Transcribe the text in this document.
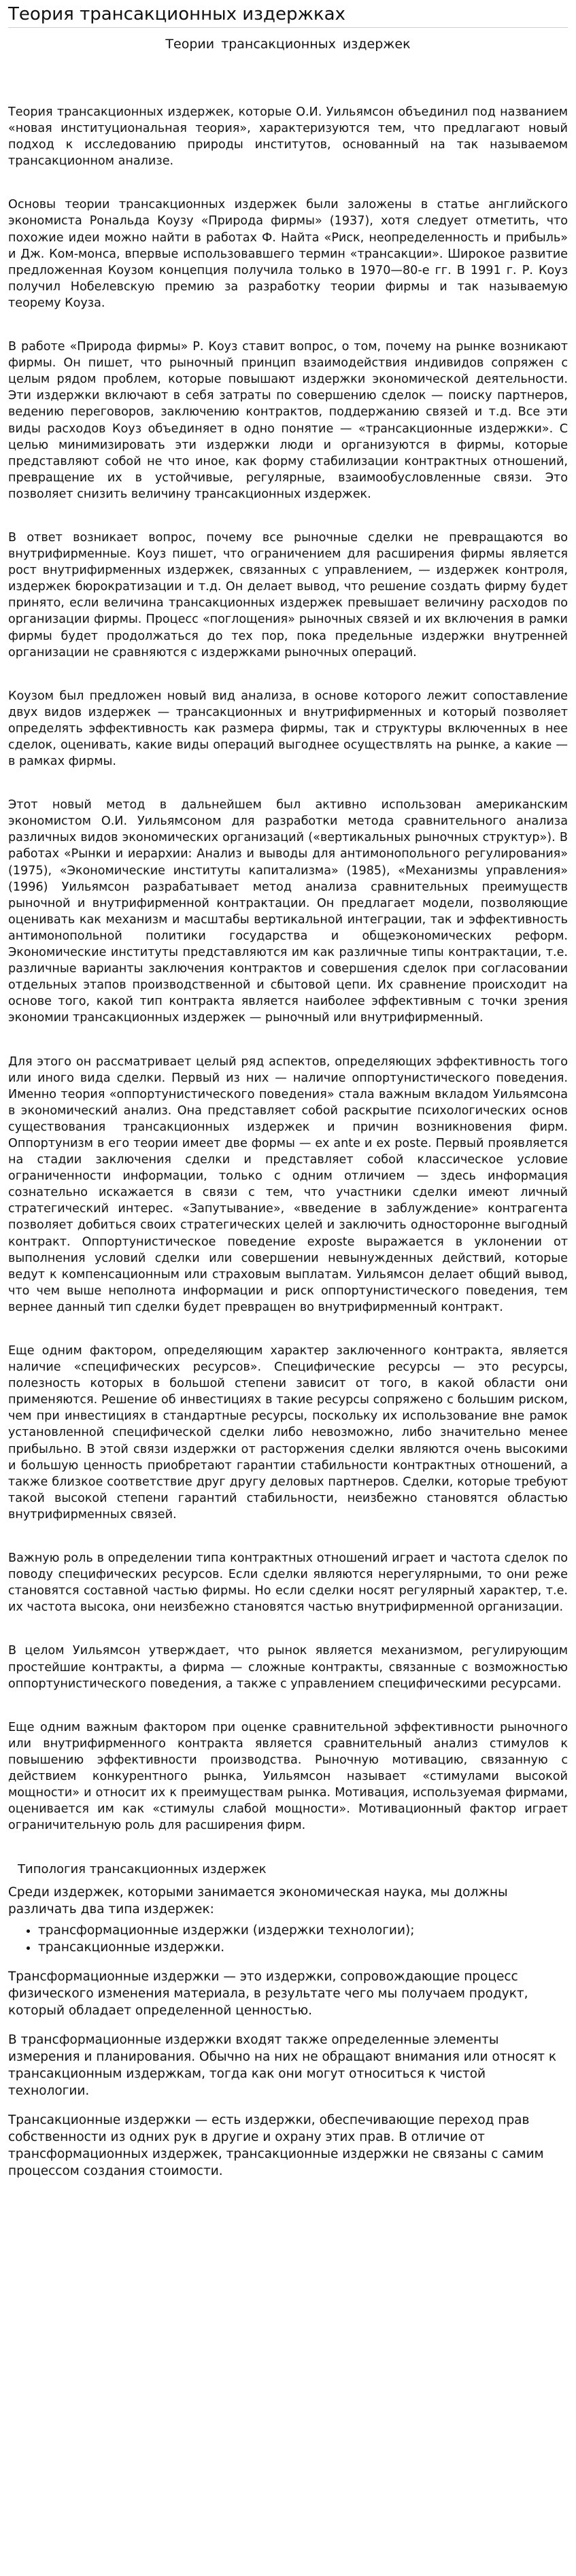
Теория трансакционных издержках
Теории трансакционных издержек

Теория трансакционных издержек, которые О.И. Уильямсон объединил под названием «новая институциональная теория», характеризуются тем, что предлагают новый подход к исследованию природы институтов, основанный на так называемом трансакционном анализе.

Основы теории трансакционных издержек были заложены в статье английского экономиста Рональда Коузу «Природа фирмы» (1937), хотя следует отметить, что похожие идеи можно найти в работах Ф. Найта «Риск, неопределенность и прибыль» и Дж. Ком-монса, впервые использовавшего термин «трансакции». Широкое развитие предложенная Коузом концепция получила только в 1970—80-е гг. В 1991 г. Р. Коуз получил Нобелевскую премию за разработку теории фирмы и так называемую теорему Коуза.

В работе «Природа фирмы» Р. Коуз ставит вопрос, о том, почему на рынке возникают фирмы. Он пишет, что рыночный принцип взаимодействия индивидов сопряжен с целым рядом проблем, которые повышают издержки экономической деятельности. Эти издержки включают в себя затраты по совершению сделок — поиску партнеров, ведению переговоров, заключению контрактов, поддержанию связей и т.д. Все эти виды расходов Коуз объединяет в одно понятие — «трансакционные издержки». С целью минимизировать эти издержки люди и организуются в фирмы, которые представляют собой не что иное, как форму стабилизации контрактных отношений, превращение их в устойчивые, регулярные, взаимообусловленные связи. Это позволяет снизить величину трансакционных издержек.

В ответ возникает вопрос, почему все рыночные сделки не превращаются во внутрифирменные. Коуз пишет, что ограничением для расширения фирмы является рост внутрифирменных издержек, связанных с управлением, — издержек контроля, издержек бюрократизации и т.д. Он делает вывод, что решение создать фирму будет принято, если величина трансакционных издержек превышает величину расходов по организации фирмы. Процесс «поглощения» рыночных связей и их включения в рамки фирмы будет продолжаться до тех пор, пока предельные издержки внутренней организации не сравняются с издержками рыночных операций.

Коузом был предложен новый вид анализа, в основе которого лежит сопоставление двух видов издержек — трансакционных и внутрифирменных и который позволяет определять эффективность как размера фирмы, так и структуры включенных в нее сделок, оценивать, какие виды операций выгоднее осуществлять на рынке, а какие — в рамках фирмы.

Этот новый метод в дальнейшем был активно использован американским экономистом О.И. Уильямсоном для разработки метода сравнительного анализа различных видов экономических организаций («вертикальных рыночных структур»). В работах «Рынки и иерархии: Анализ и выводы для антимонопольного регулирования» (1975), «Экономические институты капитализма» (1985), «Механизмы управления» (1996) Уильямсон разрабатывает метод анализа сравнительных преимуществ рыночной и внутрифирменной контрактации. Он предлагает модели, позволяющие оценивать как механизм и масштабы вертикальной интеграции, так и эффективность антимонопольной политики государства и общеэкономических реформ. Экономические институты представляются им как различные типы контрактации, т.е. различные варианты заключения контрактов и совершения сделок при согласовании отдельных этапов производственной и сбытовой цепи. Их сравнение происходит на основе того, какой тип контракта является наиболее эффективным с точки зрения экономии трансакционных издержек — рыночный или внутрифирменный.

Для этого он рассматривает целый ряд аспектов, определяющих эффективность того или иного вида сделки. Первый из них — наличие оппортунистического поведения. Именно теория «оппортунистического поведения» стала важным вкладом Уильямсона в экономический анализ. Она представляет собой раскрытие психологических основ существования трансакционных издержек и причин возникновения фирм. Оппортунизм в его теории имеет две формы — ex ante и ex poste. Первый проявляется на стадии заключения сделки и представляет собой классическое условие ограниченности информации, только с одним отличием — здесь информация сознательно искажается в связи с тем, что участники сделки имеют личный стратегический интерес. «Запутывание», «введение в заблуждение» контрагента позволяет добиться своих стратегических целей и заключить односторонне выгодный контракт. Оппортунистическое поведение exposte выражается в уклонении от выполнения условий сделки или совершении невынужденных действий, которые ведут к компенсационным или страховым выплатам. Уильямсон делает общий вывод, что чем выше неполнота информации и риск оппортунистического поведения, тем вернее данный тип сделки будет превращен во внутрифирменный контракт.

Еще одним фактором, определяющим характер заключенного контракта, является наличие «специфических ресурсов». Специфические ресурсы — это ресурсы, полезность которых в большой степени зависит от того, в какой области они применяются. Решение об инвестициях в такие ресурсы сопряжено с большим риском, чем при инвестициях в стандартные ресурсы, поскольку их использование вне рамок установленной специфической сделки либо невозможно, либо значительно менее прибыльно. В этой связи издержки от расторжения сделки являются очень высокими и большую ценность приобретают гарантии стабильности контрактных отношений, а также близкое соответствие друг другу деловых партнеров. Сделки, которые требуют такой высокой степени гарантий стабильности, неизбежно становятся областью внутрифирменных связей.

Важную роль в определении типа контрактных отношений играет и частота сделок по поводу специфических ресурсов. Если сделки являются нерегулярными, то они реже становятся составной частью фирмы. Но если сделки носят регулярный характер, т.е. их частота высока, они неизбежно становятся частью внутрифирменной организации.

В целом Уильямсон утверждает, что рынок является механизмом, регулирующим простейшие контракты, а фирма — сложные контракты, связанные с возможностью оппортунистического поведения, а также с управлением специфическими ресурсами.

Еще одним важным фактором при оценке сравнительной эффективности рыночного или внутрифирменного контракта является сравнительный анализ стимулов к повышению эффективности производства. Рыночную мотивацию, связанную с действием конкурентного рынка, Уильямсон называет «стимулами высокой мощности» и относит их к преимуществам рынка. Мотивация, используемая фирмами, оценивается им как «стимулы слабой мощности». Мотивационный фактор играет ограничительную роль для расширения фирм.

Типология трансакционных издержек

Среди издержек, которыми занимается экономическая наука, мы должны различать два типа издержек:

• трансформационные издержки (издержки технологии);
• трансакционные издержки.

Трансформационные издержки — это издержки, сопровождающие процесс физического изменения материала, в результате чего мы получаем продукт, который обладает определенной ценностью.

В трансформационные издержки входят также определенные элементы измерения и планирования. Обычно на них не обращают внимания или относят к трансакционным издержкам, тогда как они могут относиться к чистой технологии.

Трансакционные издержки — есть издержки, обеспечивающие переход прав собственности из одних рук в другие и охрану этих прав. В отличие от трансформационных издержек, трансакционные издержки не связаны с самим процессом создания стоимости.
